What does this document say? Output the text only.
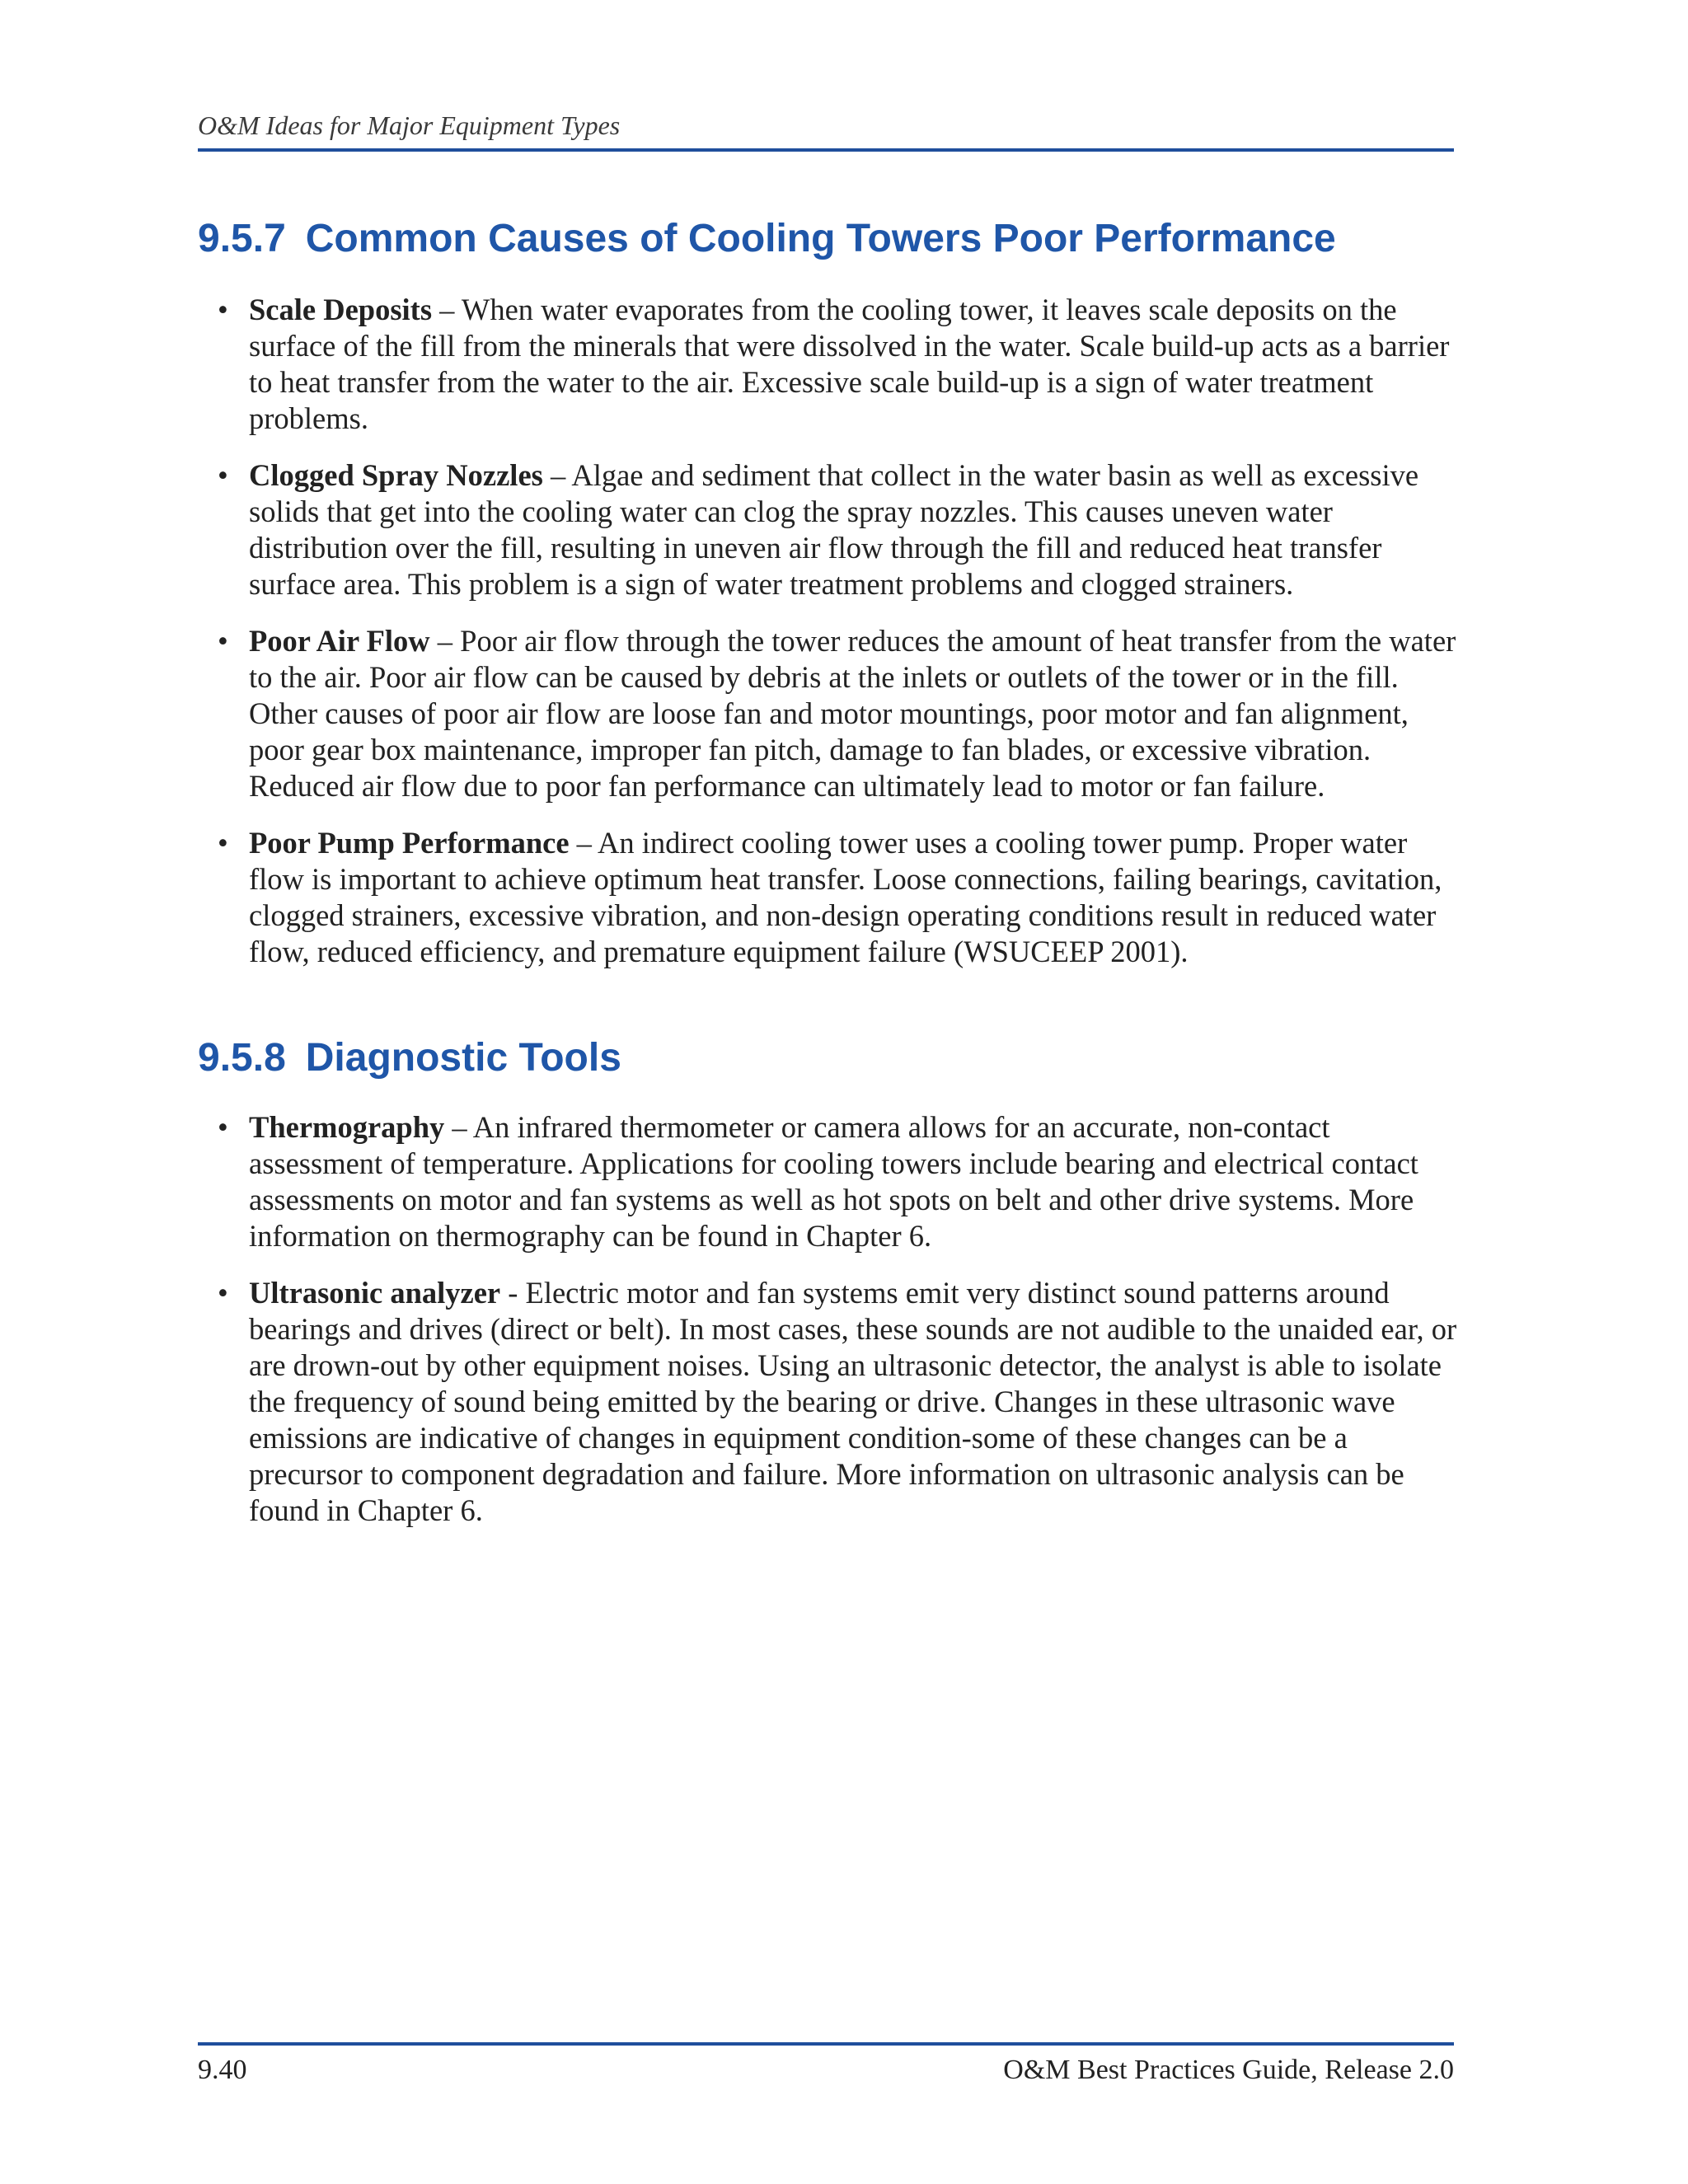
O&M Ideas for Major Equipment Types
9.5.7 Common Causes of Cooling Towers Poor Performance
• Scale Deposits – When water evaporates from the cooling tower, it leaves scale deposits on the surface of the fill from the minerals that were dissolved in the water. Scale build-up acts as a barrier to heat transfer from the water to the air. Excessive scale build-up is a sign of water treatment problems.
• Clogged Spray Nozzles – Algae and sediment that collect in the water basin as well as excessive solids that get into the cooling water can clog the spray nozzles. This causes uneven water distribution over the fill, resulting in uneven air flow through the fill and reduced heat transfer surface area. This problem is a sign of water treatment problems and clogged strainers.
• Poor Air Flow – Poor air flow through the tower reduces the amount of heat transfer from the water to the air. Poor air flow can be caused by debris at the inlets or outlets of the tower or in the fill. Other causes of poor air flow are loose fan and motor mountings, poor motor and fan alignment, poor gear box maintenance, improper fan pitch, damage to fan blades, or excessive vibration. Reduced air flow due to poor fan performance can ultimately lead to motor or fan failure.
• Poor Pump Performance – An indirect cooling tower uses a cooling tower pump. Proper water flow is important to achieve optimum heat transfer. Loose connections, failing bearings, cavitation, clogged strainers, excessive vibration, and non-design operating conditions result in reduced water flow, reduced efficiency, and premature equipment failure (WSUCEEP 2001).
9.5.8 Diagnostic Tools
• Thermography – An infrared thermometer or camera allows for an accurate, non-contact assessment of temperature. Applications for cooling towers include bearing and electrical contact assessments on motor and fan systems as well as hot spots on belt and other drive systems. More information on thermography can be found in Chapter 6.
• Ultrasonic analyzer - Electric motor and fan systems emit very distinct sound patterns around bearings and drives (direct or belt). In most cases, these sounds are not audible to the unaided ear, or are drown-out by other equipment noises. Using an ultrasonic detector, the analyst is able to isolate the frequency of sound being emitted by the bearing or drive. Changes in these ultrasonic wave emissions are indicative of changes in equipment condition-some of these changes can be a precursor to component degradation and failure. More information on ultrasonic analysis can be found in Chapter 6.
9.40	O&M Best Practices Guide, Release 2.0
